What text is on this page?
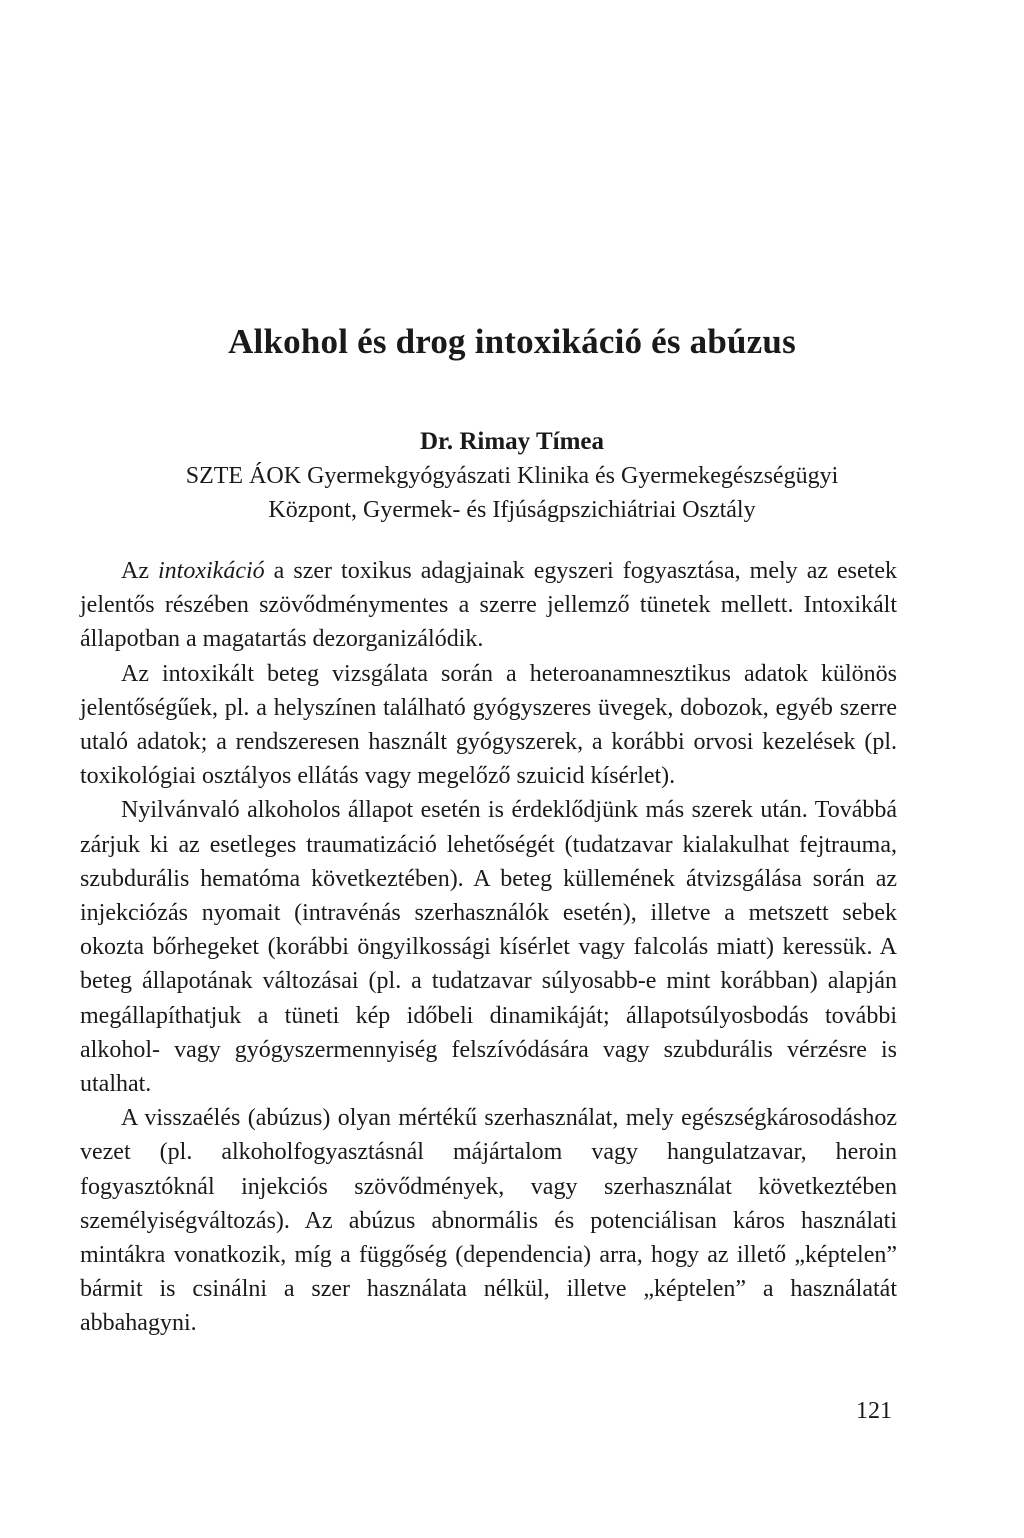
Alkohol és drog intoxikáció és abúzus

Dr. Rimay Tímea

SZTE ÁOK Gyermekgyógyászati Klinika és Gyermekegészségügyi

Központ, Gyermek- és Ifjúságpszichiátriai Osztály

Az intoxikáció a szer toxikus adagjainak egyszeri fogyasztása, mely az esetek jelentős részében szövődménymentes a szerre jellemző tünetek mellett. Intoxikált állapotban a magatartás dezorganizálódik.

Az intoxikált beteg vizsgálata során a heteroanamnesztikus adatok különös jelentőségűek, pl. a helyszínen található gyógyszeres üvegek, dobozok, egyéb szerre utaló adatok; a rendszeresen használt gyógyszerek, a korábbi orvosi kezelések (pl. toxikológiai osztályos ellátás vagy megelőző szuicid kísérlet).

Nyilvánvaló alkoholos állapot esetén is érdeklődjünk más szerek után. Továbbá zárjuk ki az esetleges traumatizáció lehetőségét (tudatzavar kialakulhat fejtrauma, szubdurális hematóma következtében). A beteg küllemének átvizsgálása során az injekciózás nyomait (intravénás szerhasználók esetén), illetve a metszett sebek okozta bőrhegeket (korábbi öngyilkossági kísérlet vagy falcolás miatt) keressük. A beteg állapotának változásai (pl. a tudatzavar súlyosabb-e mint korábban) alapján megállapíthatjuk a tüneti kép időbeli dinamikáját; állapotsúlyosbodás további alkohol- vagy gyógyszermennyiség felszívódására vagy szubdurális vérzésre is utalhat.

A visszaélés (abúzus) olyan mértékű szerhasználat, mely egészségkárosodáshoz vezet (pl. alkoholfogyasztásnál májártalom vagy hangulatzavar, heroin fogyasztóknál injekciós szövődmények, vagy szerhasználat következtében személyiségváltozás). Az abúzus abnormális és potenciálisan káros használati mintákra vonatkozik, míg a függőség (dependencia) arra, hogy az illető „képtelen” bármit is csinálni a szer használata nélkül, illetve „képtelen” a használatát abbahagyni.

121
